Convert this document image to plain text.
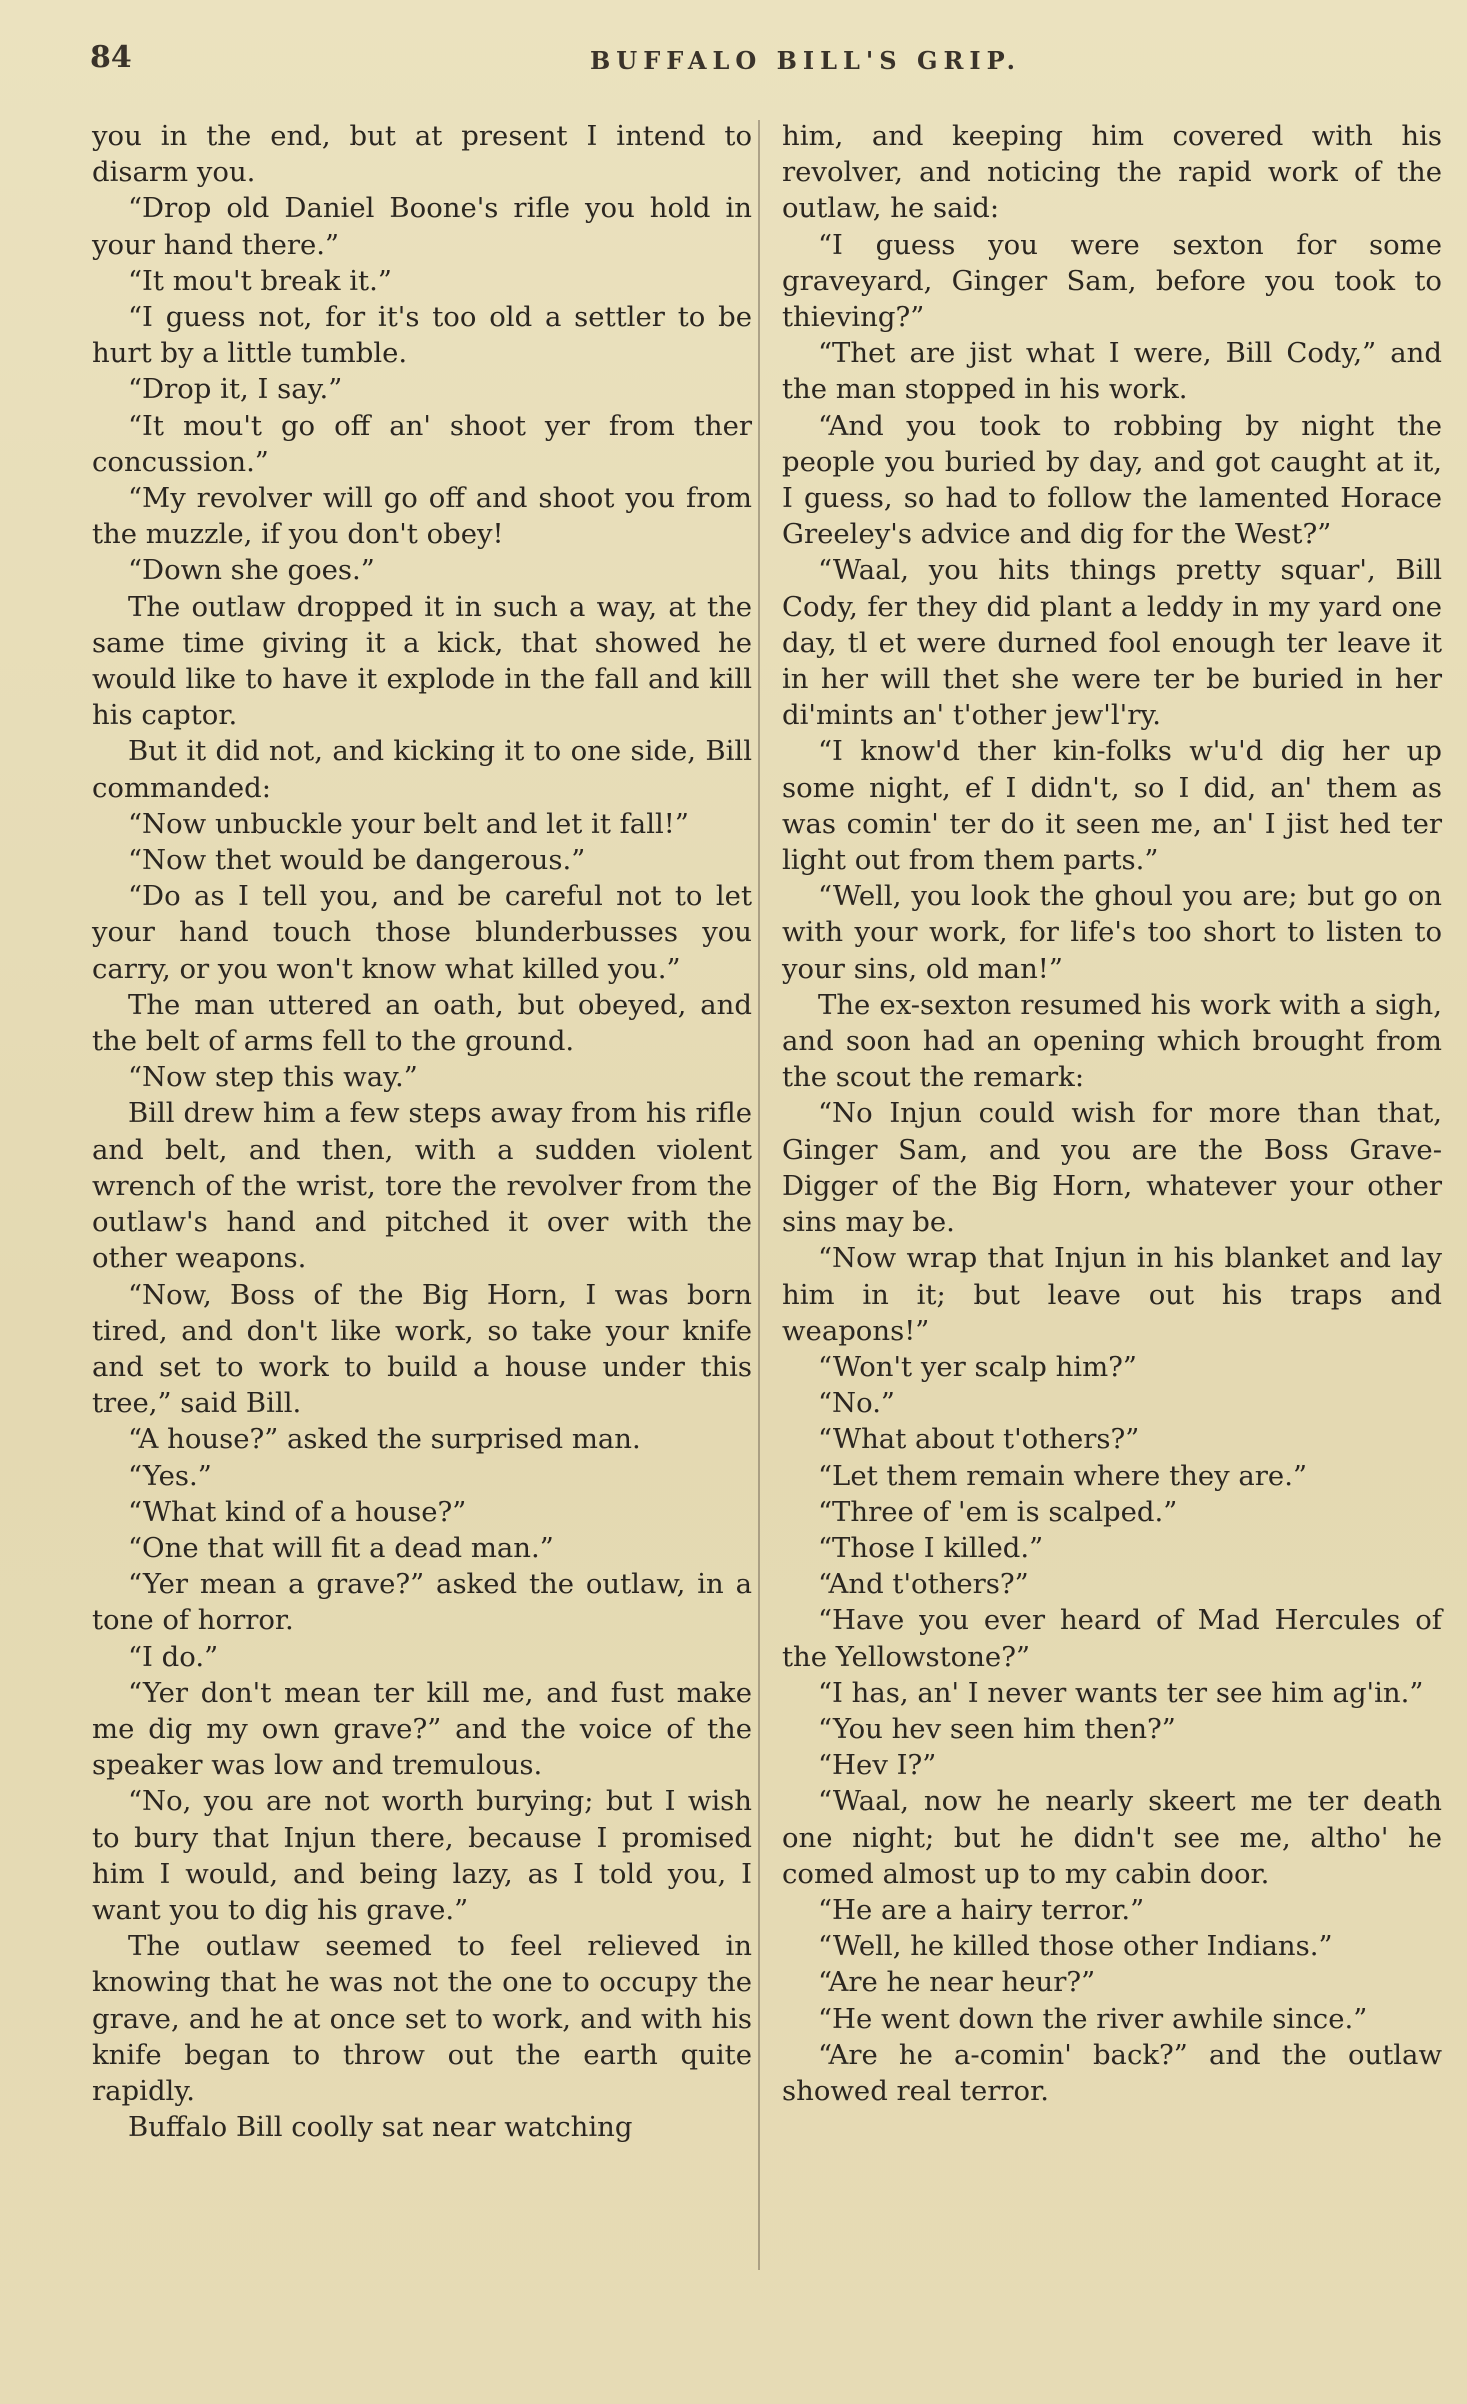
84	BUFFALO BILL'S GRIP.

you in the end, but at present I intend to disarm you.

“Drop old Daniel Boone's rifle you hold in your hand there.”

“It mou't break it.”

“I guess not, for it's too old a settler to be hurt by a little tumble.

“Drop it, I say.”

“It mou't go off an' shoot yer from ther concussion.”

“My revolver will go off and shoot you from the muzzle, if you don't obey!

“Down she goes.”

The outlaw dropped it in such a way, at the same time giving it a kick, that showed he would like to have it explode in the fall and kill his captor.

But it did not, and kicking it to one side, Bill commanded:

“Now unbuckle your belt and let it fall!”

“Now thet would be dangerous.”

“Do as I tell you, and be careful not to let your hand touch those blunderbusses you carry, or you won't know what killed you.”

The man uttered an oath, but obeyed, and the belt of arms fell to the ground.

“Now step this way.”

Bill drew him a few steps away from his rifle and belt, and then, with a sudden violent wrench of the wrist, tore the revolver from the outlaw's hand and pitched it over with the other weapons.

“Now, Boss of the Big Horn, I was born tired, and don't like work, so take your knife and set to work to build a house under this tree,” said Bill.

“A house?” asked the surprised man.

“Yes.”

“What kind of a house?”

“One that will fit a dead man.”

“Yer mean a grave?” asked the outlaw, in a tone of horror.

“I do.”

“Yer don't mean ter kill me, and fust make me dig my own grave?” and the voice of the speaker was low and tremulous.

“No, you are not worth burying; but I wish to bury that Injun there, because I promised him I would, and being lazy, as I told you, I want you to dig his grave.”

The outlaw seemed to feel relieved in knowing that he was not the one to occupy the grave, and he at once set to work, and with his knife began to throw out the earth quite rapidly.

Buffalo Bill coolly sat near watching

him, and keeping him covered with his revolver, and noticing the rapid work of the outlaw, he said:

“I guess you were sexton for some graveyard, Ginger Sam, before you took to thieving?”

“Thet are jist what I were, Bill Cody,” and the man stopped in his work.

“And you took to robbing by night the people you buried by day, and got caught at it, I guess, so had to follow the lamented Horace Greeley's advice and dig for the West?”

“Waal, you hits things pretty squar', Bill Cody, fer they did plant a leddy in my yard one day, tl et were durned fool enough ter leave it in her will thet she were ter be buried in her di'mints an' t'other jew'l'ry.

“I know'd ther kin-folks w'u'd dig her up some night, ef I didn't, so I did, an' them as was comin' ter do it seen me, an' I jist hed ter light out from them parts.”

“Well, you look the ghoul you are; but go on with your work, for life's too short to listen to your sins, old man!”

The ex-sexton resumed his work with a sigh, and soon had an opening which brought from the scout the remark:

“No Injun could wish for more than that, Ginger Sam, and you are the Boss Grave-Digger of the Big Horn, whatever your other sins may be.

“Now wrap that Injun in his blanket and lay him in it; but leave out his traps and weapons!”

“Won't yer scalp him?”

“No.”

“What about t'others?”

“Let them remain where they are.”

“Three of 'em is scalped.”

“Those I killed.”

“And t'others?”

“Have you ever heard of Mad Hercules of the Yellowstone?”

“I has, an' I never wants ter see him ag'in.”

“You hev seen him then?”

“Hev I?”

“Waal, now he nearly skeert me ter death one night; but he didn't see me, altho' he comed almost up to my cabin door.

“He are a hairy terror.”

“Well, he killed those other Indians.”

“Are he near heur?”

“He went down the river awhile since.”

“Are he a-comin' back?” and the outlaw showed real terror.
